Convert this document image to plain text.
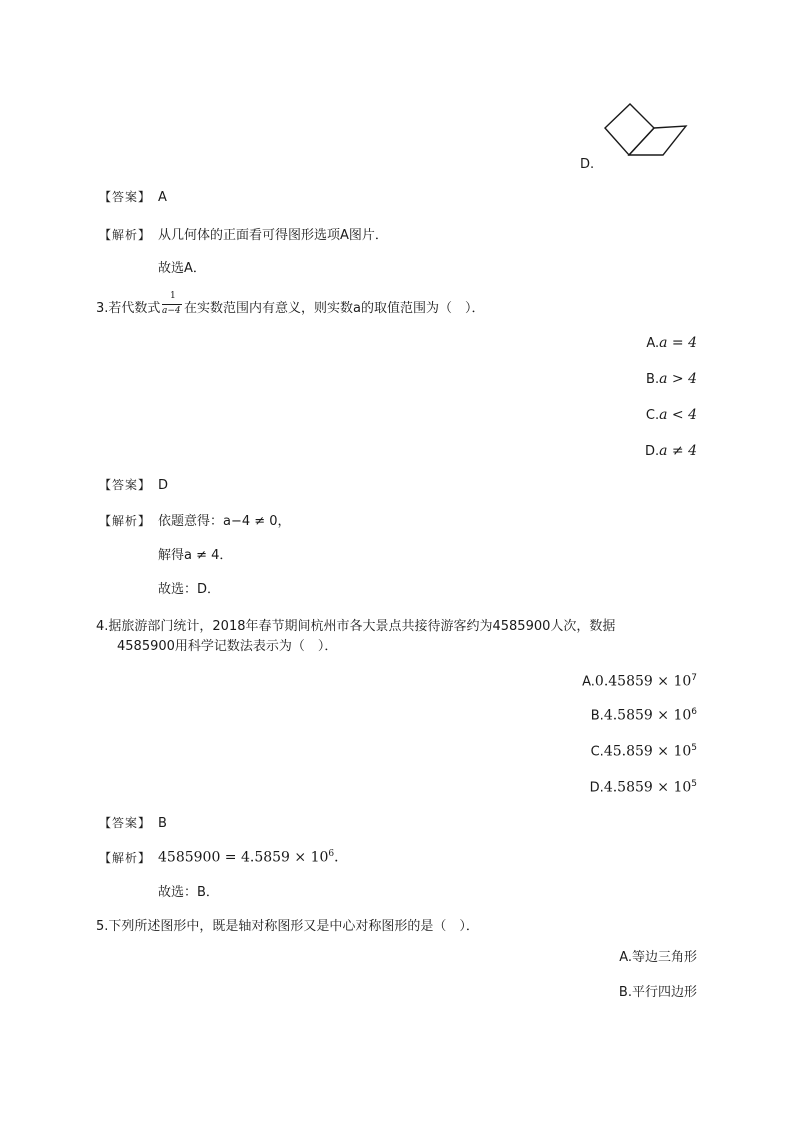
D.
【答案】 A
【解析】 从几何体的正面看可得图形选项A图片．
故选A．
3.若代数式
1
a−4 在实数范围内有意义，则实数a的取值范围为（　）．
A.a = 4
B.a > 4
C.a < 4
D.a ≠ 4
【答案】 D
【解析】 依题意得：a−4 ≠ 0，
解得a ≠ 4．
故选：D．
4.据旅游部门统计，2018年春节期间杭州市各大景点共接待游客约为4585900人次，数据
4585900用科学记数法表示为（　）．
$A.0.45859 \times 10^7$
$B.4.5859 \times 10^6$
$C.45.859 \times 10^5$
$D.4.5859 \times 10^5$
【答案】 B
【解析】 $4585900 = 4.5859 \times 10^6$．
故选：B．
5.下列所述图形中，既是轴对称图形又是中心对称图形的是（　）．
A.等边三角形
B.平行四边形
